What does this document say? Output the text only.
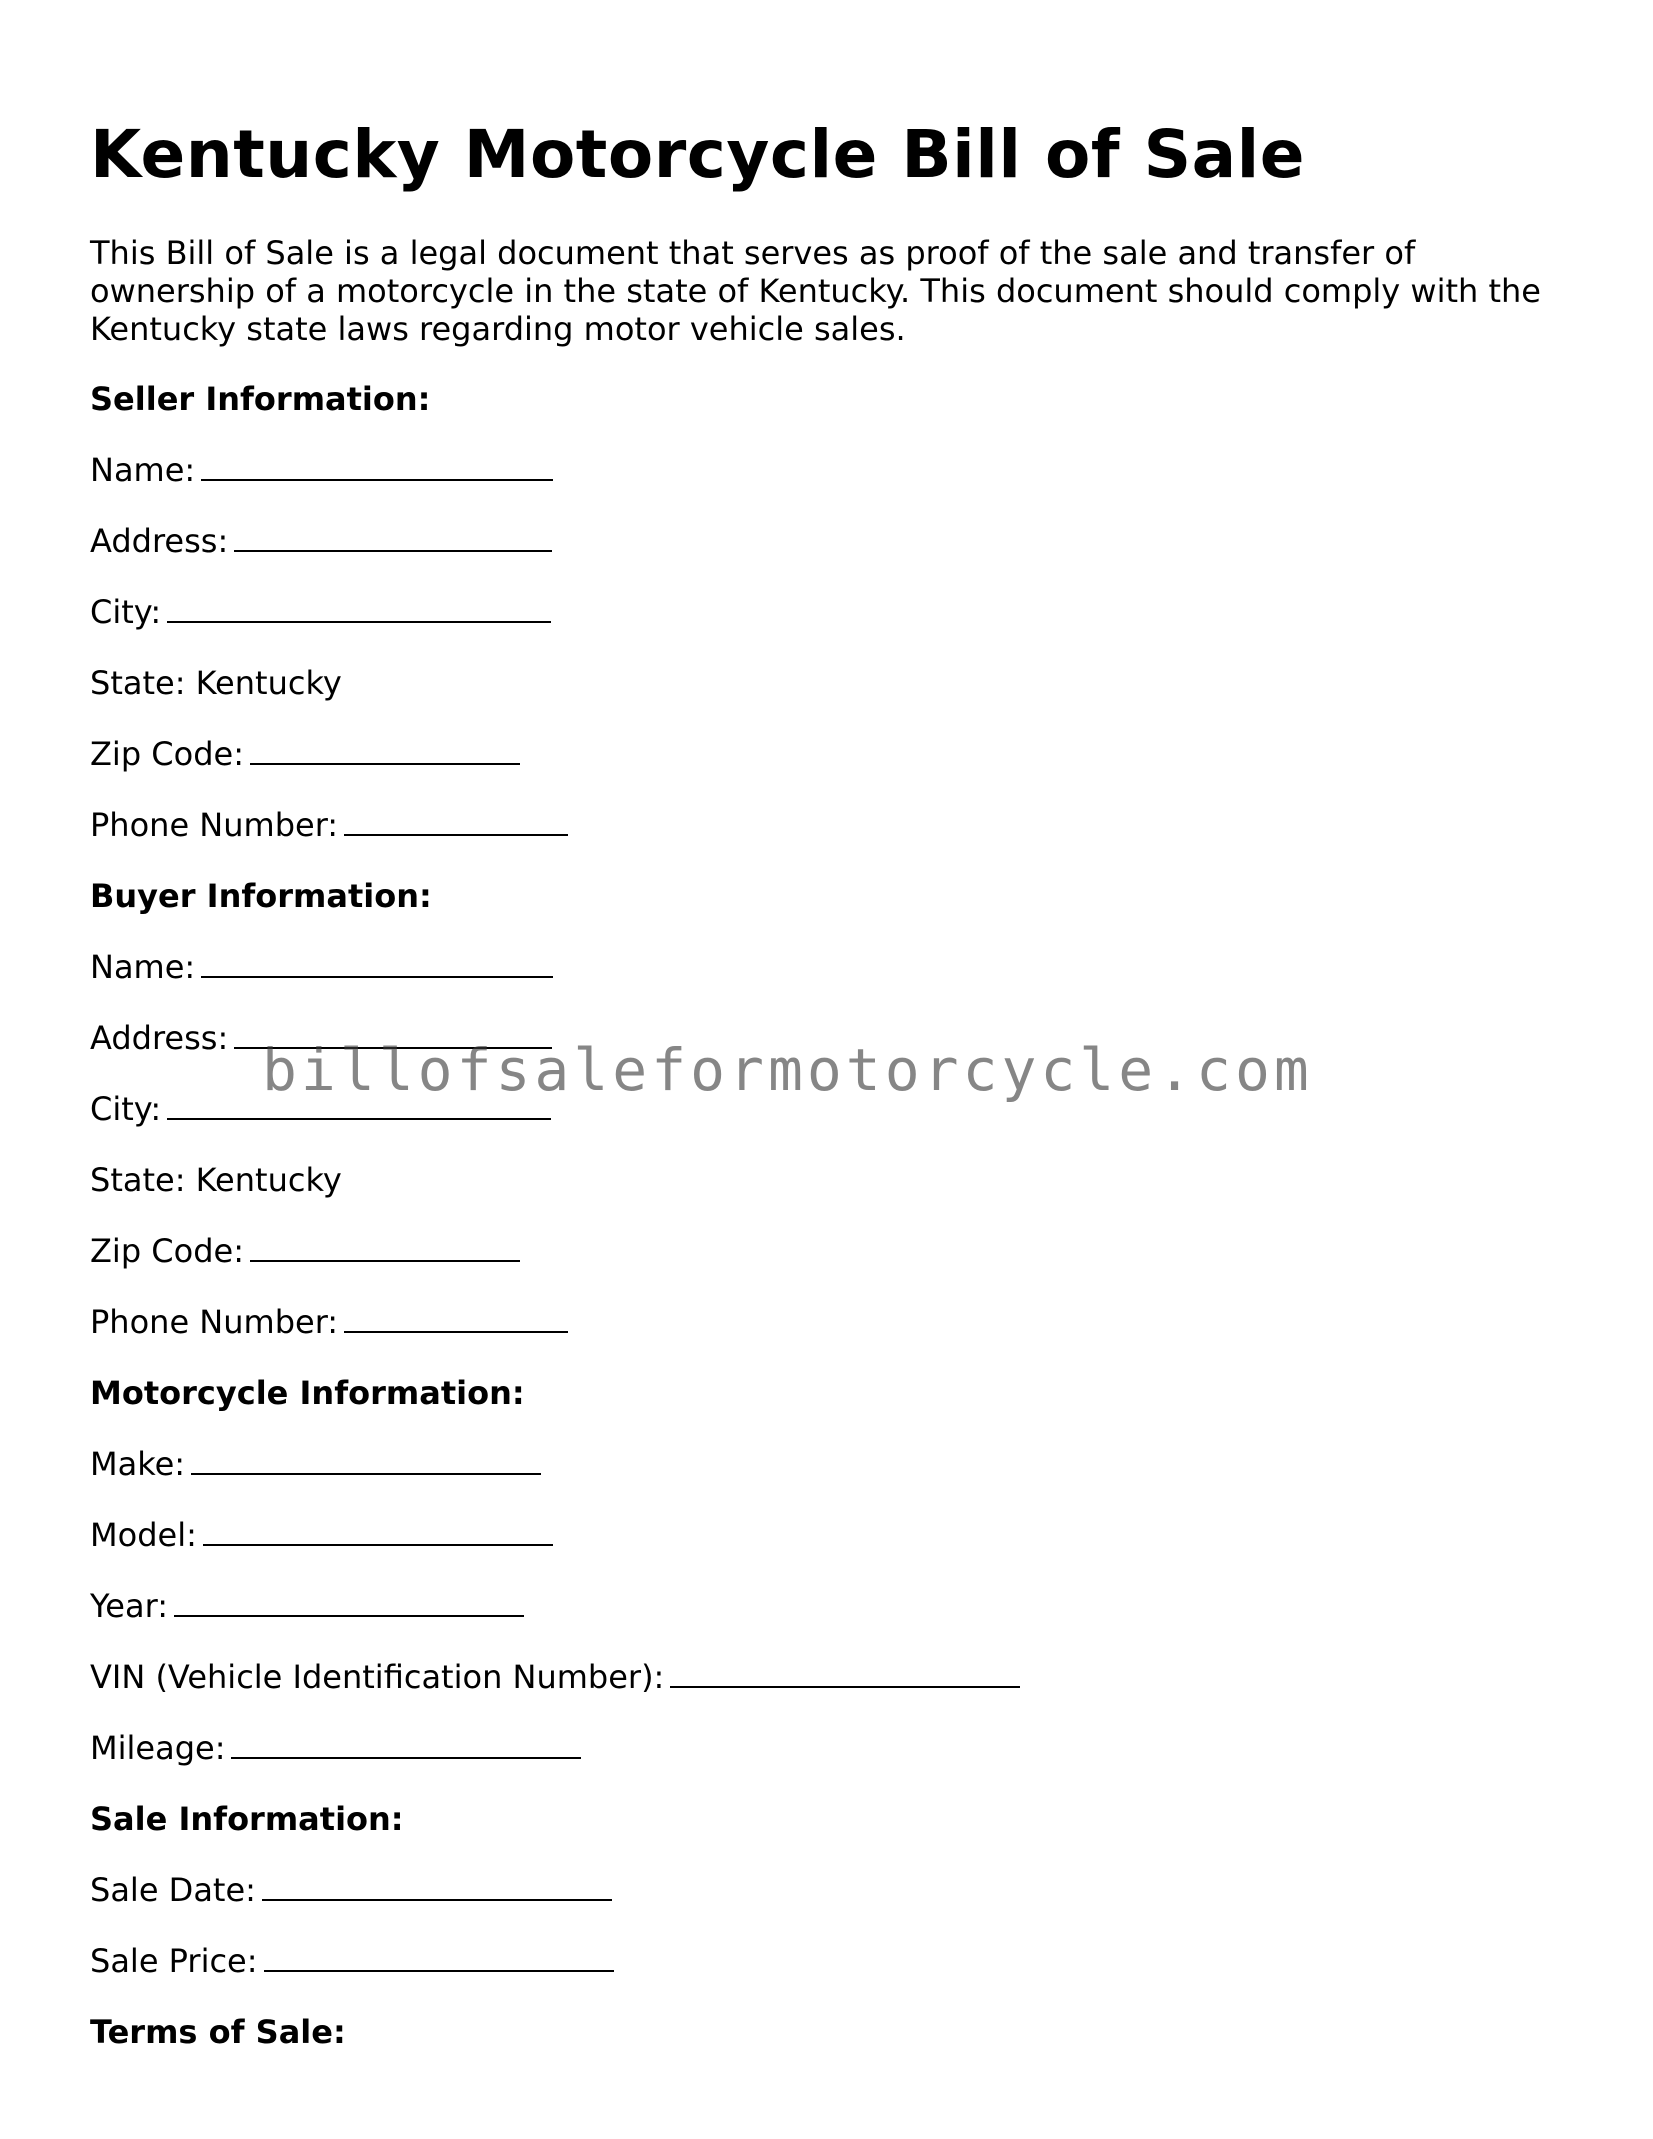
Kentucky Motorcycle Bill of Sale

This Bill of Sale is a legal document that serves as proof of the sale and transfer of ownership of a motorcycle in the state of Kentucky. This document should comply with the Kentucky state laws regarding motor vehicle sales.

Seller Information:
Name:
Address:
City:
State: Kentucky
Zip Code:
Phone Number:
Buyer Information:
Name:
Address:
City:
State: Kentucky
Zip Code:
Phone Number:
Motorcycle Information:
Make:
Model:
Year:
VIN (Vehicle Identification Number):
Mileage:
Sale Information:
Sale Date:
Sale Price:
Terms of Sale:
billofsaleformotorcycle.com
